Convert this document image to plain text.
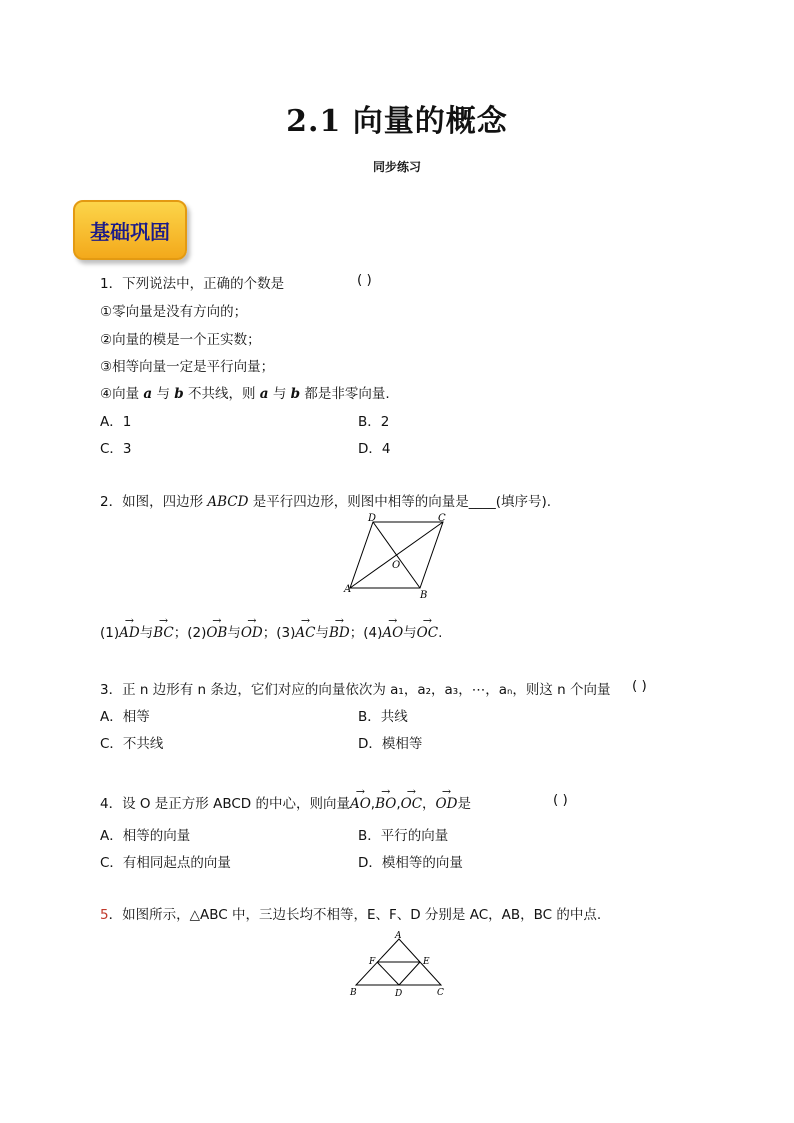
2.1 向量的概念
同步练习
基础巩固
1．下列说法中，正确的个数是	( )
①零向量是没有方向的；
②向量的模是一个正实数；
③相等向量一定是平行向量；
④向量 a 与 b 不共线，则 a 与 b 都是非零向量.
A．1	B．2
C．3	D．4
2．如图，四边形 ABCD 是平行四边形，则图中相等的向量是____(填序号).
D	C
O
A
B
(1)→ AD与→ BC；(2)→ OB与→ OD；(3)→ AC与→ BD；(4)→ AO与→ OC.
3．正 n 边形有 n 条边，它们对应的向量依次为 a₁，a₂，a₃，⋯，aₙ，则这 n 个向量 ( )
A．相等	B．共线
C．不共线	D．模相等
4．设 O 是正方形 ABCD 的中心，则向量→ AO,→ BO,→ OC，→ OD是	( )
A．相等的向量	B．平行的向量
C．有相同起点的向量	D．模相等的向量
5．如图所示，△ABC 中，三边长均不相等，E、F、D 分别是 AC，AB，BC 的中点.
A
F	E
B	D	C
